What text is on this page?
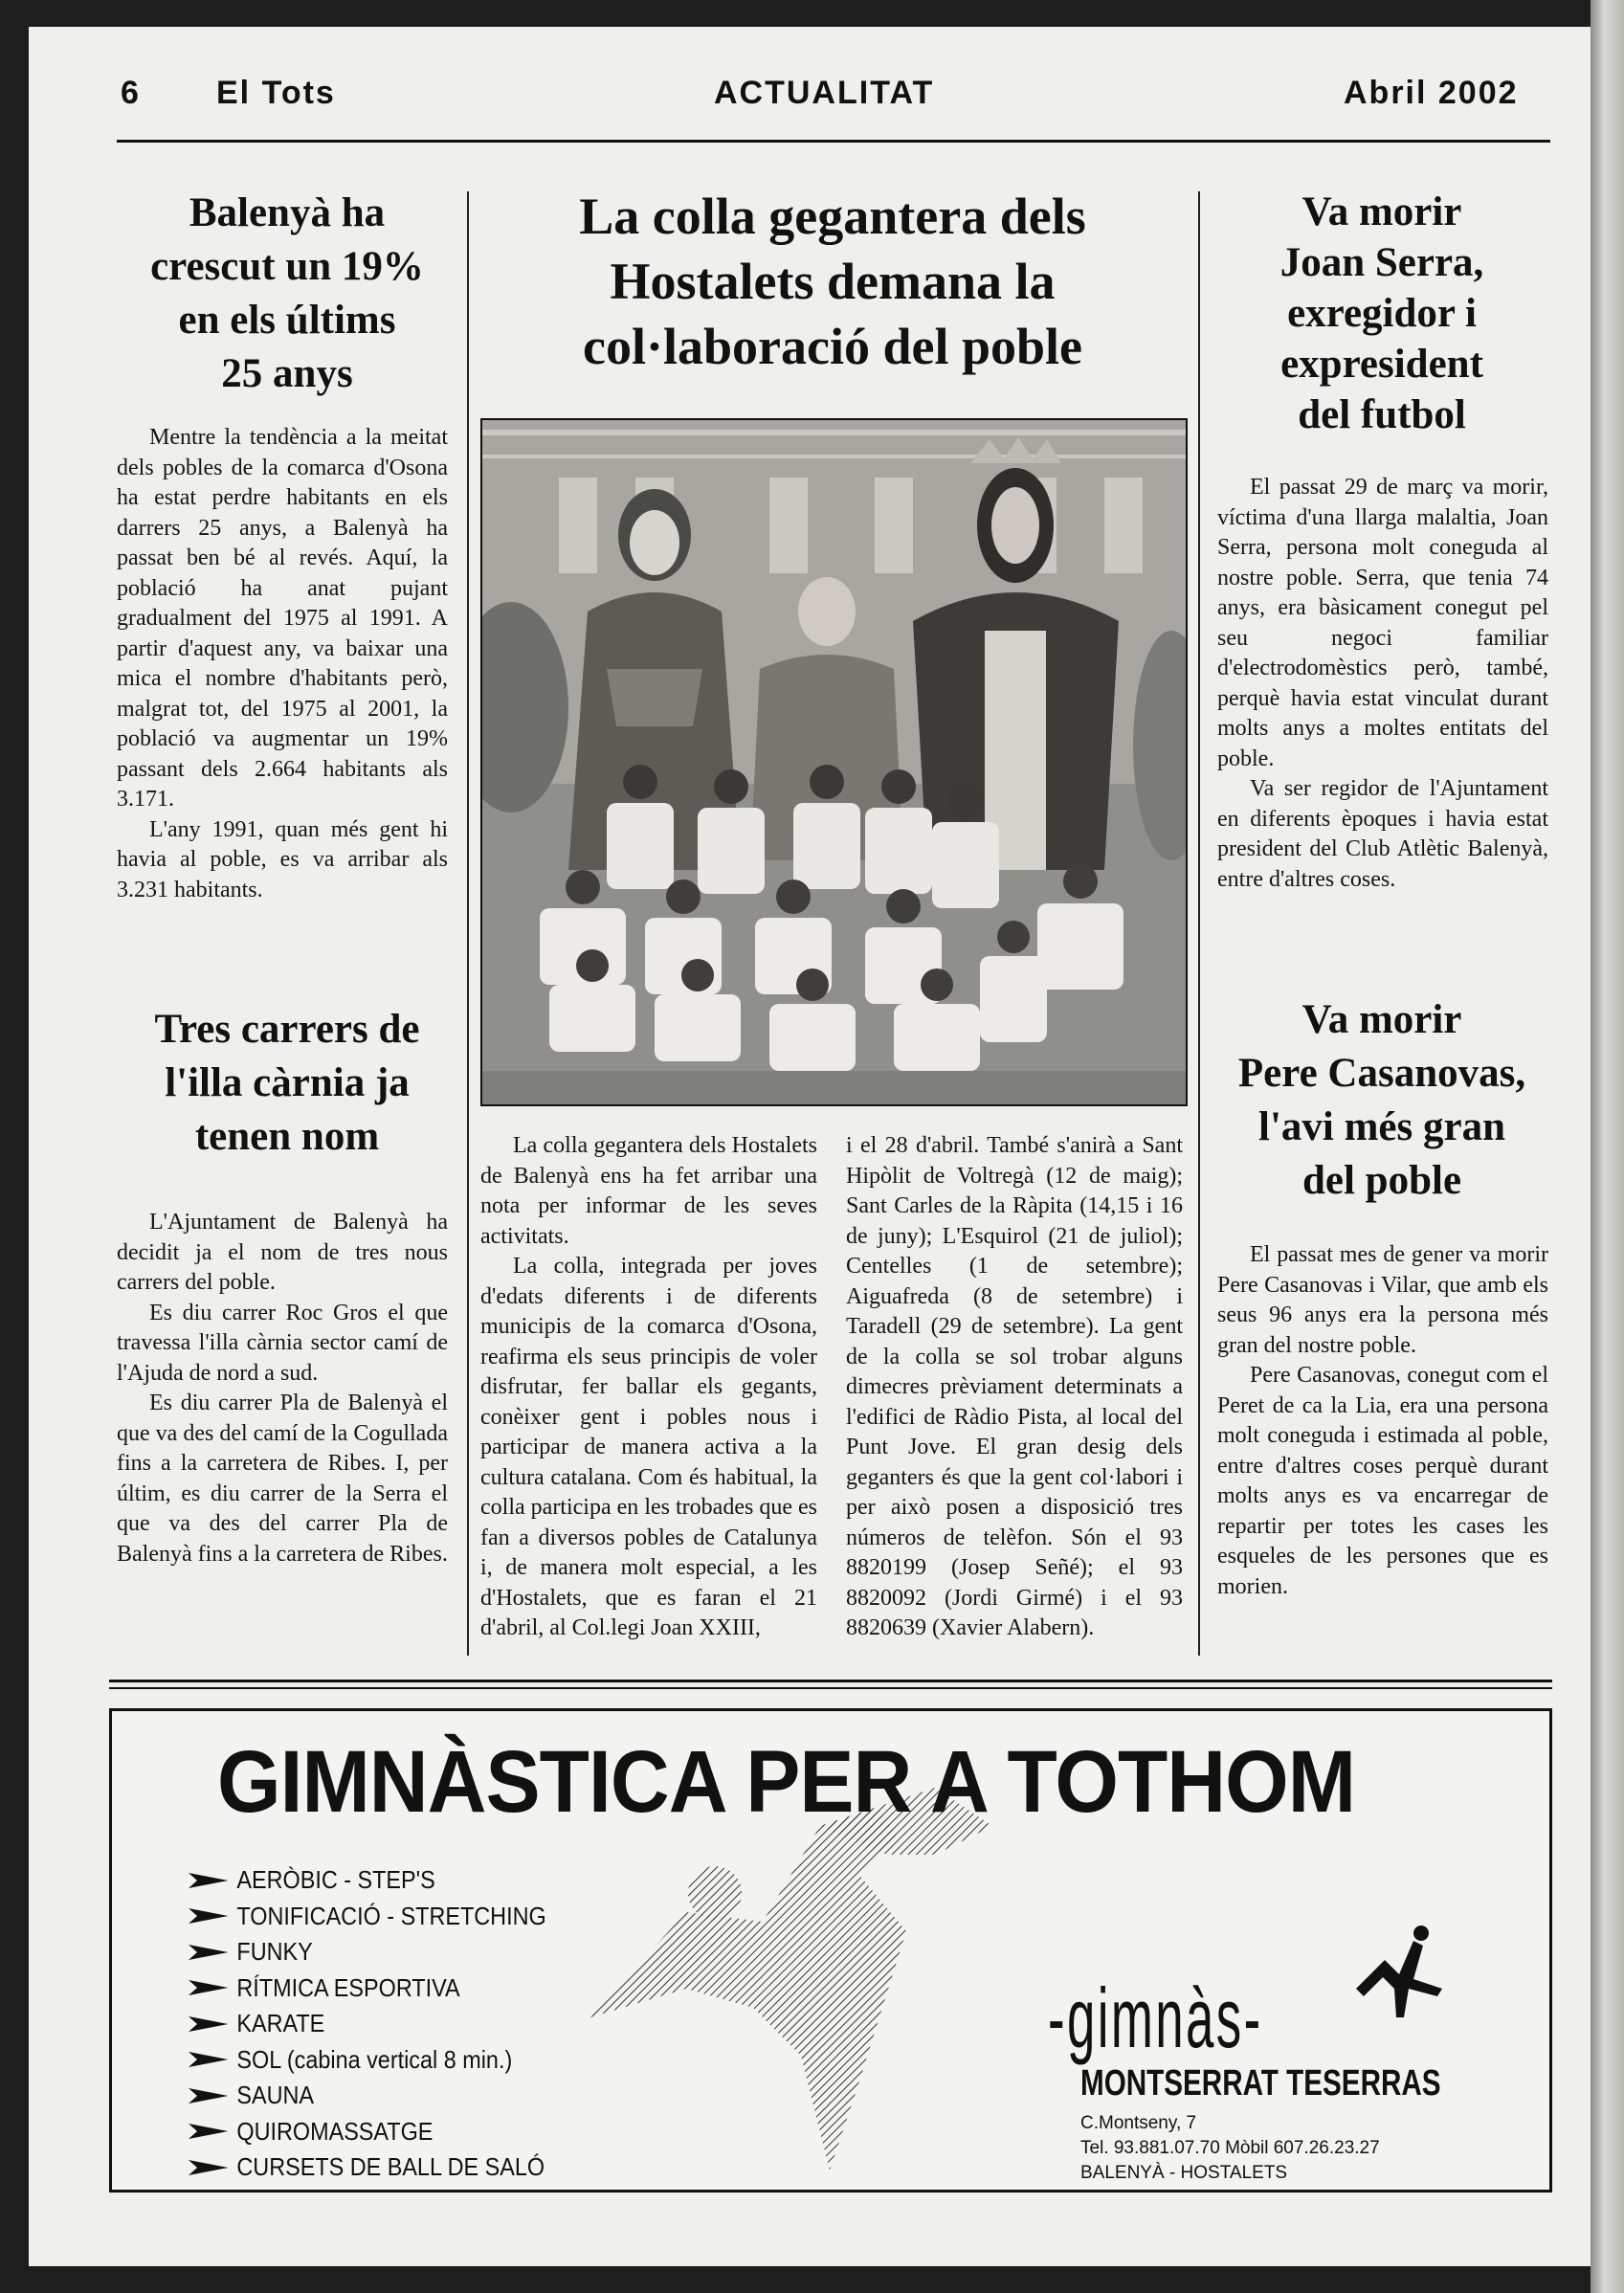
6 El Tots	ACTUALITAT	Abril 2002
Balenyà ha
crescut un 19%
en els últims
25 anys

Mentre la tendència a la meitat dels pobles de la comarca d'Osona ha estat perdre habitants en els darrers 25 anys, a Balenyà ha passat ben bé al revés. Aquí, la població ha anat pujant gradualment del 1975 al 1991. A partir d'aquest any, va baixar una mica el nombre d'habitants però, malgrat tot, del 1975 al 2001, la població va augmentar un 19% passant dels 2.664 habitants als 3.171.

L'any 1991, quan més gent hi havia al poble, es va arribar als 3.231 habitants.

Tres carrers de
l'illa càrnia ja
tenen nom

L'Ajuntament de Balenyà ha decidit ja el nom de tres nous carrers del poble.

Es diu carrer Roc Gros el que travessa l'illa càrnia sector camí de l'Ajuda de nord a sud.

Es diu carrer Pla de Balenyà el que va des del camí de la Cogullada fins a la carretera de Ribes. I, per últim, es diu carrer de la Serra el que va des del carrer Pla de Balenyà fins a la carretera de Ribes.

La colla gegantera dels
Hostalets demana la
col·laboració del poble

La colla gegantera dels Hostalets de Balenyà ens ha fet arribar una nota per informar de les seves activitats.

La colla, integrada per joves d'edats diferents i de diferents municipis de la comarca d'Osona, reafirma els seus principis de voler disfrutar, fer ballar els gegants, conèixer gent i pobles nous i participar de manera activa a la cultura catalana. Com és habitual, la colla participa en les trobades que es fan a diversos pobles de Catalunya i, de manera molt especial, a les d'Hostalets, que es faran el 21 d'abril, al Col.legi Joan XXIII,

i el 28 d'abril. També s'anirà a Sant Hipòlit de Voltregà (12 de maig); Sant Carles de la Ràpita (14,15 i 16 de juny); L'Esquirol (21 de juliol); Centelles (1 de setembre); Aiguafreda (8 de setembre) i Taradell (29 de setembre). La gent de la colla se sol trobar alguns dimecres prèviament determinats a l'edifici de Ràdio Pista, al local del Punt Jove. El gran desig dels geganters és que la gent col·labori i per això posen a disposició tres números de telèfon. Són el 93 8820199 (Josep Señé); el 93 8820092 (Jordi Girmé) i el 93 8820639 (Xavier Alabern).

Va morir
Joan Serra,
exregidor i
expresident
del futbol

El passat 29 de març va morir, víctima d'una llarga malaltia, Joan Serra, persona molt coneguda al nostre poble. Serra, que tenia 74 anys, era bàsicament conegut pel seu negoci familiar d'electrodomèstics però, també, perquè havia estat vinculat durant molts anys a moltes entitats del poble.

Va ser regidor de l'Ajuntament en diferents èpoques i havia estat president del Club Atlètic Balenyà, entre d'altres coses.

Va morir
Pere Casanovas,
l'avi més gran
del poble

El passat mes de gener va morir Pere Casanovas i Vilar, que amb els seus 96 anys era la persona més gran del nostre poble.

Pere Casanovas, conegut com el Peret de ca la Lia, era una persona molt coneguda i estimada al poble, entre d'altres coses perquè durant molts anys es va encarregar de repartir per totes les cases les esqueles de les persones que es morien.

GIMNÀSTICA PER A TOTHOM
AERÒBIC - STEP'S
TONIFICACIÓ - STRETCHING
FUNKY
RÍTMICA ESPORTIVA
KARATE
SOL (cabina vertical 8 min.)
SAUNA
QUIROMASSATGE
CURSETS DE BALL DE SALÓ
-gimnàs-
MONTSERRAT TESERRAS
C.Montseny, 7
Tel. 93.881.07.70 Mòbil 607.26.23.27
BALENYÀ - HOSTALETS
